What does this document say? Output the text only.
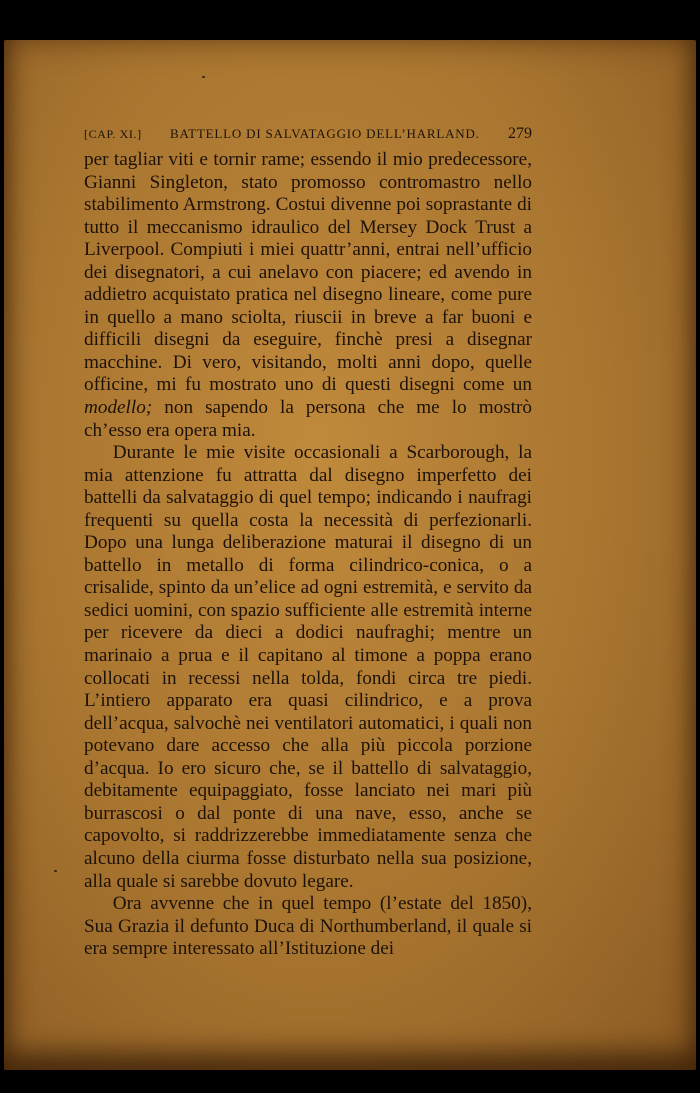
[CAP. XI.] BATTELLO DI SALVATAGGIO DELL’HARLAND. 279

per tagliar viti e tornir rame; essendo il mio predecessore, Gianni Singleton, stato promosso contromastro nello stabilimento Armstrong. Costui divenne poi soprastante di tutto il meccanismo idraulico del Mersey Dock Trust a Liverpool. Compiuti i miei quattr’anni, entrai nell’ufficio dei disegnatori, a cui anelavo con piacere; ed avendo in addietro acquistato pratica nel disegno lineare, come pure in quello a mano sciolta, riuscii in breve a far buoni e difficili disegni da eseguire, finchè presi a disegnar macchine. Di vero, visitando, molti anni dopo, quelle officine, mi fu mostrato uno di questi disegni come un modello; non sapendo la persona che me lo mostrò ch’esso era opera mia.

Durante le mie visite occasionali a Scarborough, la mia attenzione fu attratta dal disegno imperfetto dei battelli da salvataggio di quel tempo; indicando i naufragi frequenti su quella costa la necessità di perfezionarli. Dopo una lunga deliberazione maturai il disegno di un battello in metallo di forma cilindrico-conica, o a crisalide, spinto da un’elice ad ogni estremità, e servito da sedici uomini, con spazio sufficiente alle estremità interne per ricevere da dieci a dodici naufraghi; mentre un marinaio a prua e il capitano al timone a poppa erano collocati in recessi nella tolda, fondi circa tre piedi. L’intiero apparato era quasi cilindrico, e a prova dell’acqua, salvochè nei ventilatori automatici, i quali non potevano dare accesso che alla più piccola porzione d’acqua. Io ero sicuro che, se il battello di salvataggio, debitamente equipaggiato, fosse lanciato nei mari più burrascosi o dal ponte di una nave, esso, anche se capovolto, si raddrizzerebbe immediatamente senza che alcuno della ciurma fosse disturbato nella sua posizione, alla quale si sarebbe dovuto legare.

Ora avvenne che in quel tempo (l’estate del 1850), Sua Grazia il defunto Duca di Northumberland, il quale si era sempre interessato all’Istituzione dei
